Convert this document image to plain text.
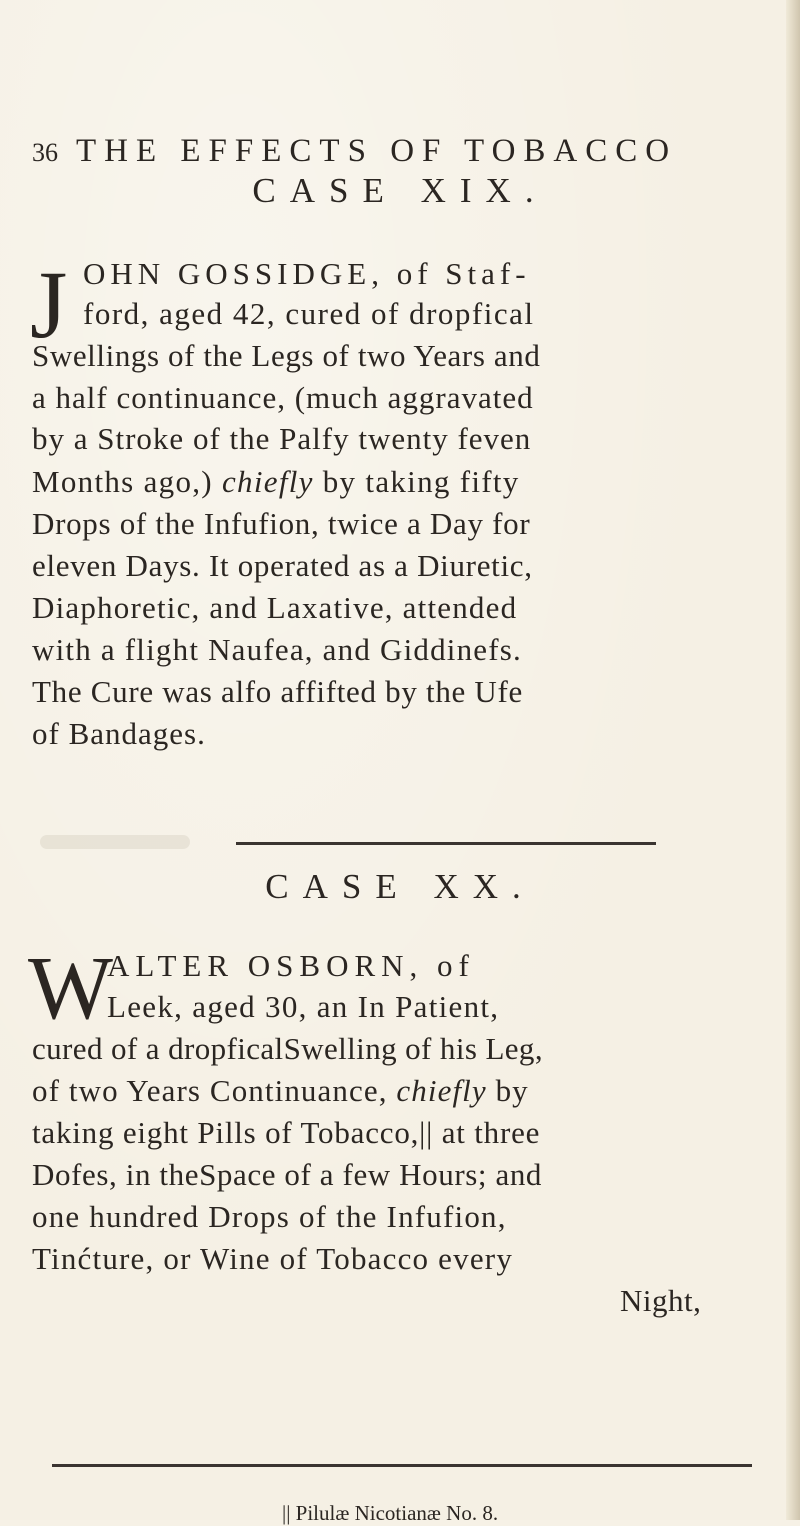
36 THE EFFECTS OF TOBACCO
CASE XIX.
J OHN GOSSIDGE, of Staf-
ford, aged 42, cured of dropfical
Swellings of the Legs of two Years and
a half continuance, (much aggravated
by a Stroke of the Palfy twenty feven
Months ago,) chiefly by taking fifty
Drops of the Infufion, twice a Day for
eleven Days. It operated as a Diuretic,
Diaphoretic, and Laxative, attended
with a flight Naufea, and Giddinefs.
The Cure was alfo affifted by the Ufe
of Bandages.
CASE XX.
W
ALTER OSBORN, of
Leek, aged 30, an In Patient,
cured of a dropficalSwelling of his Leg,
of two Years Continuance, chiefly by
taking eight Pills of Tobacco,|| at three
Dofes, in theSpace of a few Hours; and
one hundred Drops of the Infufion,
Tinćture, or Wine of Tobacco every
Night,
|| Pilulæ Nicotianæ No. 8.
